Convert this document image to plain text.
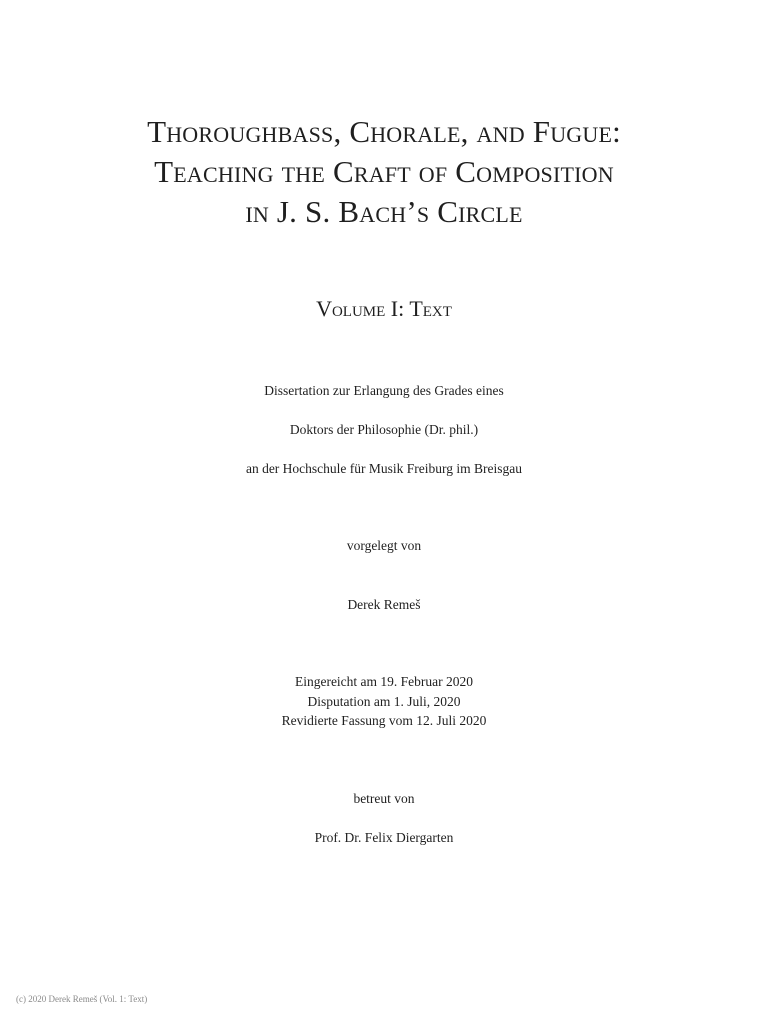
Thoroughbass, Chorale, and Fugue:
Teaching the Craft of Composition
in J. S. Bach’s Circle
Volume I: Text
Dissertation zur Erlangung des Grades eines
Doktors der Philosophie (Dr. phil.)
an der Hochschule für Musik Freiburg im Breisgau
vorgelegt von
Derek Remeš
Eingereicht am 19. Februar 2020
Disputation am 1. Juli, 2020
Revidierte Fassung vom 12. Juli 2020
betreut von
Prof. Dr. Felix Diergarten
(c) 2020 Derek Remeš (Vol. 1: Text)
